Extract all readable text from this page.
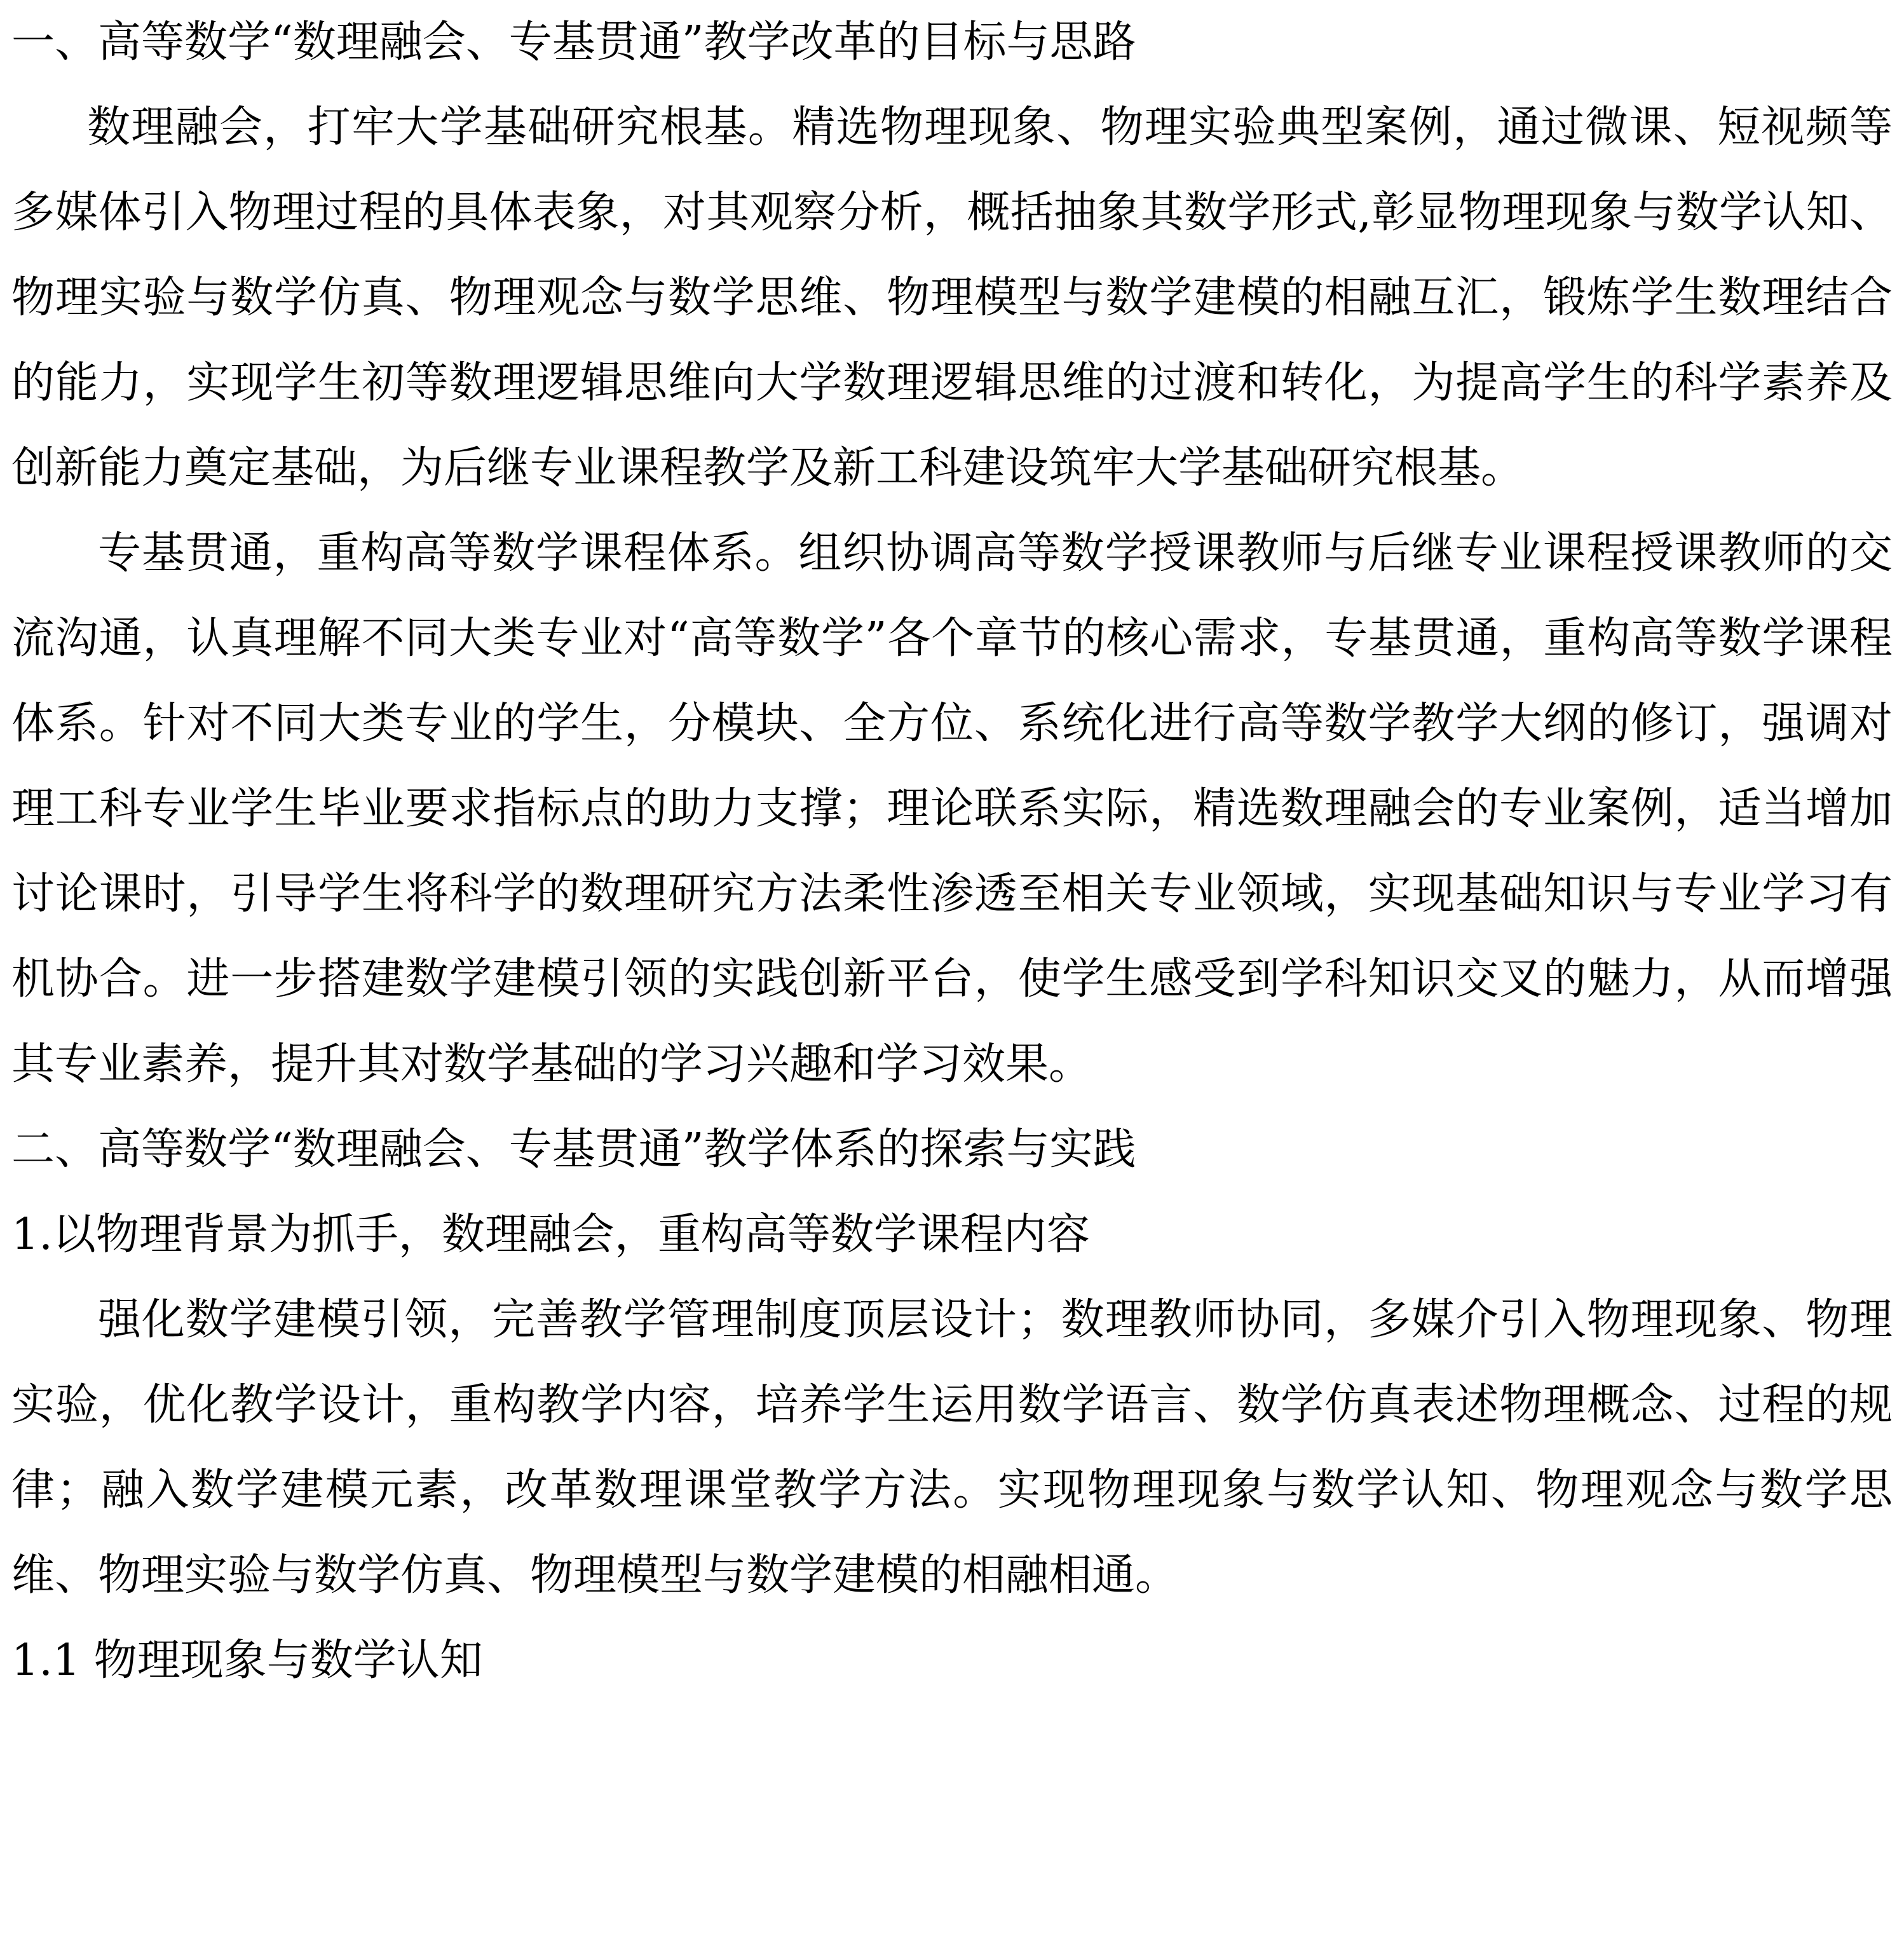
一、高等数学“数理融会、专基贯通”教学改革的目标与思路

数理融会，打牢大学基础研究根基。精选物理现象、物理实验典型案例，通过微课、短视频等多媒体引入物理过程的具体表象，对其观察分析，概括抽象其数学形式,彰显物理现象与数学认知、物理实验与数学仿真、物理观念与数学思维、物理模型与数学建模的相融互汇，锻炼学生数理结合的能力，实现学生初等数理逻辑思维向大学数理逻辑思维的过渡和转化，为提高学生的科学素养及创新能力奠定基础，为后继专业课程教学及新工科建设筑牢大学基础研究根基。

专基贯通，重构高等数学课程体系。组织协调高等数学授课教师与后继专业课程授课教师的交流沟通，认真理解不同大类专业对“高等数学”各个章节的核心需求，专基贯通，重构高等数学课程体系。针对不同大类专业的学生，分模块、全方位、系统化进行高等数学教学大纲的修订，强调对理工科专业学生毕业要求指标点的助力支撑；理论联系实际，精选数理融会的专业案例，适当增加讨论课时，引导学生将科学的数理研究方法柔性渗透至相关专业领域，实现基础知识与专业学习有机协合。进一步搭建数学建模引领的实践创新平台，使学生感受到学科知识交叉的魅力，从而增强其专业素养，提升其对数学基础的学习兴趣和学习效果。

二、高等数学“数理融会、专基贯通”教学体系的探索与实践
1.以物理背景为抓手，数理融会，重构高等数学课程内容

强化数学建模引领，完善教学管理制度顶层设计；数理教师协同，多媒介引入物理现象、物理实验，优化教学设计，重构教学内容，培养学生运用数学语言、数学仿真表述物理概念、过程的规律；融入数学建模元素，改革数理课堂教学方法。实现物理现象与数学认知、物理观念与数学思维、物理实验与数学仿真、物理模型与数学建模的相融相通。

1.1 物理现象与数学认知
